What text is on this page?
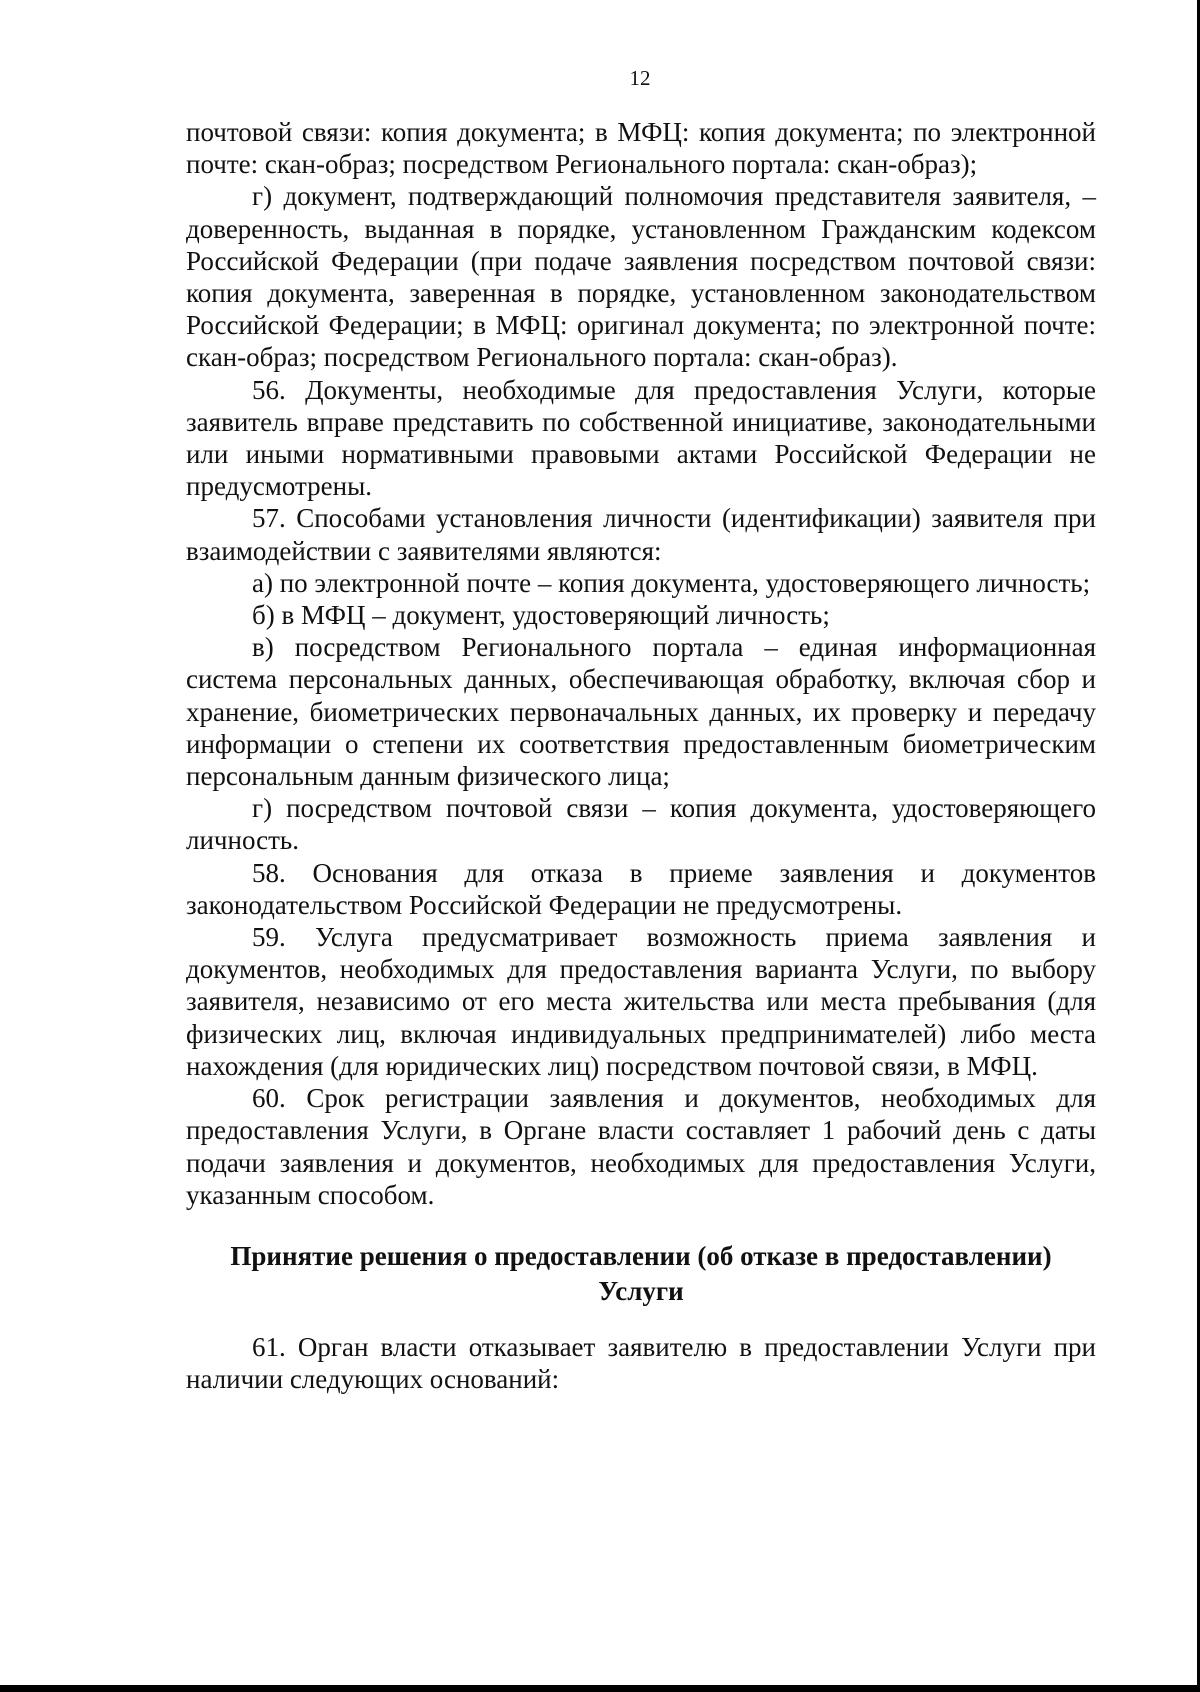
12

почтовой связи: копия документа; в МФЦ: копия документа; по электронной почте: скан-образ; посредством Регионального портала: скан-образ);

г) документ, подтверждающий полномочия представителя заявителя, – доверенность, выданная в порядке, установленном Гражданским кодексом Российской Федерации (при подаче заявления посредством почтовой связи: копия документа, заверенная в порядке, установленном законодательством Российской Федерации; в МФЦ: оригинал документа; по электронной почте: скан-образ; посредством Регионального портала: скан-образ).

56. Документы, необходимые для предоставления Услуги, которые заявитель вправе представить по собственной инициативе, законодательными или иными нормативными правовыми актами Российской Федерации не предусмотрены.

57. Способами установления личности (идентификации) заявителя при взаимодействии с заявителями являются:

а) по электронной почте – копия документа, удостоверяющего личность;

б) в МФЦ – документ, удостоверяющий личность;

в) посредством Регионального портала – единая информационная система персональных данных, обеспечивающая обработку, включая сбор и хранение, биометрических первоначальных данных, их проверку и передачу информации о степени их соответствия предоставленным биометрическим персональным данным физического лица;

г) посредством почтовой связи – копия документа, удостоверяющего личность.

58. Основания для отказа в приеме заявления и документов законодательством Российской Федерации не предусмотрены.

59. Услуга предусматривает возможность приема заявления и документов, необходимых для предоставления варианта Услуги, по выбору заявителя, независимо от его места жительства или места пребывания (для физических лиц, включая индивидуальных предпринимателей) либо места нахождения (для юридических лиц) посредством почтовой связи, в МФЦ.

60. Срок регистрации заявления и документов, необходимых для предоставления Услуги, в Органе власти составляет 1 рабочий день с даты подачи заявления и документов, необходимых для предоставления Услуги, указанным способом.

Принятие решения о предоставлении (об отказе в предоставлении)
Услуги

61. Орган власти отказывает заявителю в предоставлении Услуги при наличии следующих оснований:
